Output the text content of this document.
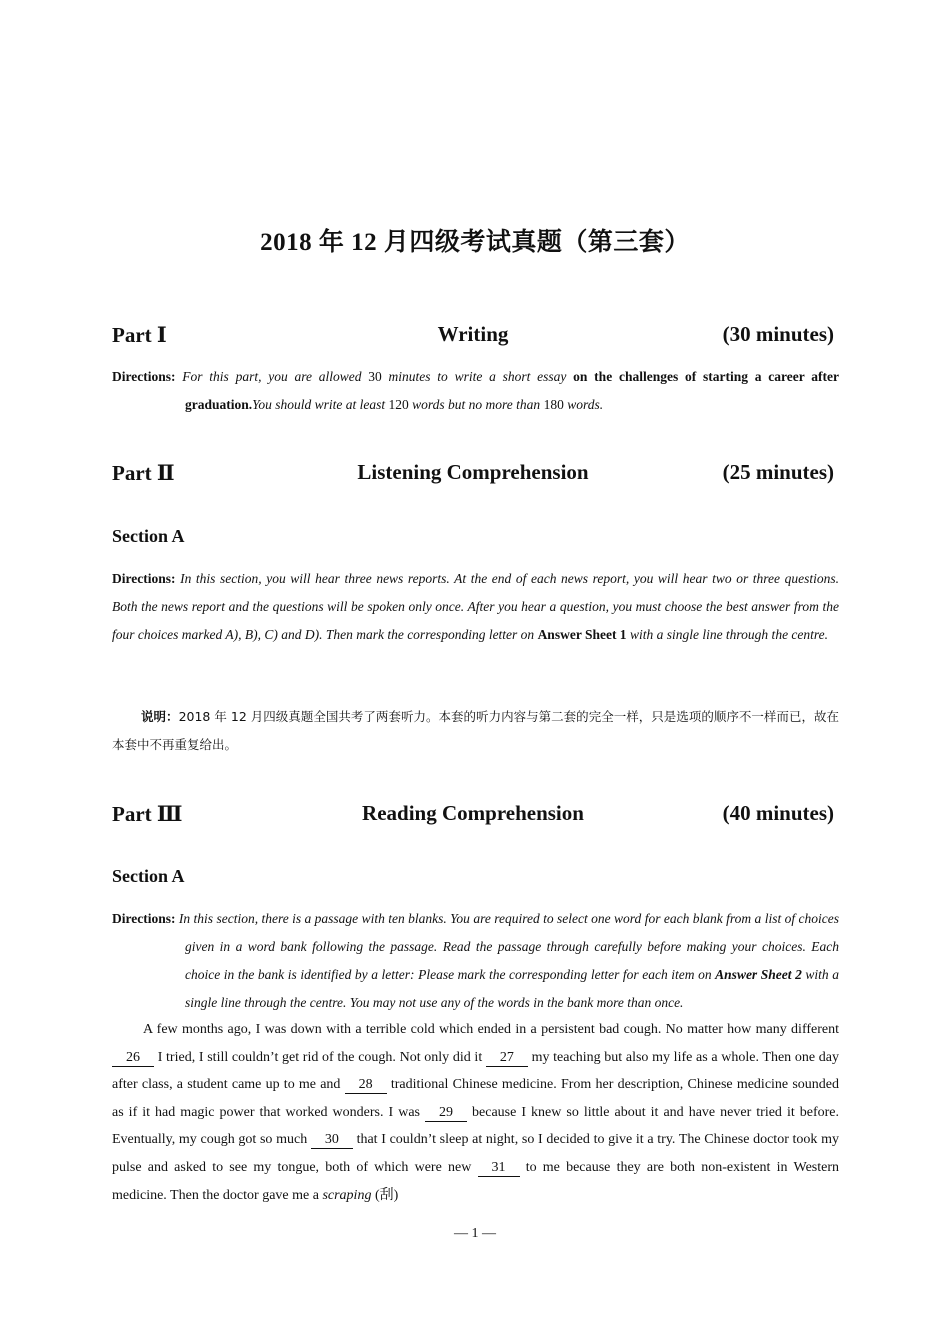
2018 年 12 月四级考试真题（第三套）
Part Ⅰ	Writing	(30 minutes)
Directions: For this part, you are allowed 30 minutes to write a short essay on the challenges of starting a career after graduation.You should write at least 120 words but no more than 180 words.
Part Ⅱ	Listening Comprehension	(25 minutes)
Section A
Directions: In this section, you will hear three news reports. At the end of each news report, you will hear two or three questions. Both the news report and the questions will be spoken only once. After you hear a question, you must choose the best answer from the four choices marked A), B), C) and D). Then mark the corresponding letter on Answer Sheet 1 with a single line through the centre.
说明：2018 年 12 月四级真题全国共考了两套听力。本套的听力内容与第二套的完全一样，只是选项的顺序不一样而已，故在本套中不再重复给出。
Part Ⅲ	Reading Comprehension	(40 minutes)
Section A
Directions: In this section, there is a passage with ten blanks. You are required to select one word for each blank from a list of choices given in a word bank following the passage. Read the passage through carefully before making your choices. Each choice in the bank is identified by a letter: Please mark the corresponding letter for each item on Answer Sheet 2 with a single line through the centre. You may not use any of the words in the bank more than once.
A few months ago, I was down with a terrible cold which ended in a persistent bad cough. No matter how many different 26 I tried, I still couldn’t get rid of the cough. Not only did it 27 my teaching but also my life as a whole. Then one day after class, a student came up to me and 28 traditional Chinese medicine. From her description, Chinese medicine sounded as if it had magic power that worked wonders. I was 29 because I knew so little about it and have never tried it before. Eventually, my cough got so much 30 that I couldn’t sleep at night, so I decided to give it a try. The Chinese doctor took my pulse and asked to see my tongue, both of which were new 31 to me because they are both non-existent in Western medicine. Then the doctor gave me a scraping (刮)
— 1 —
